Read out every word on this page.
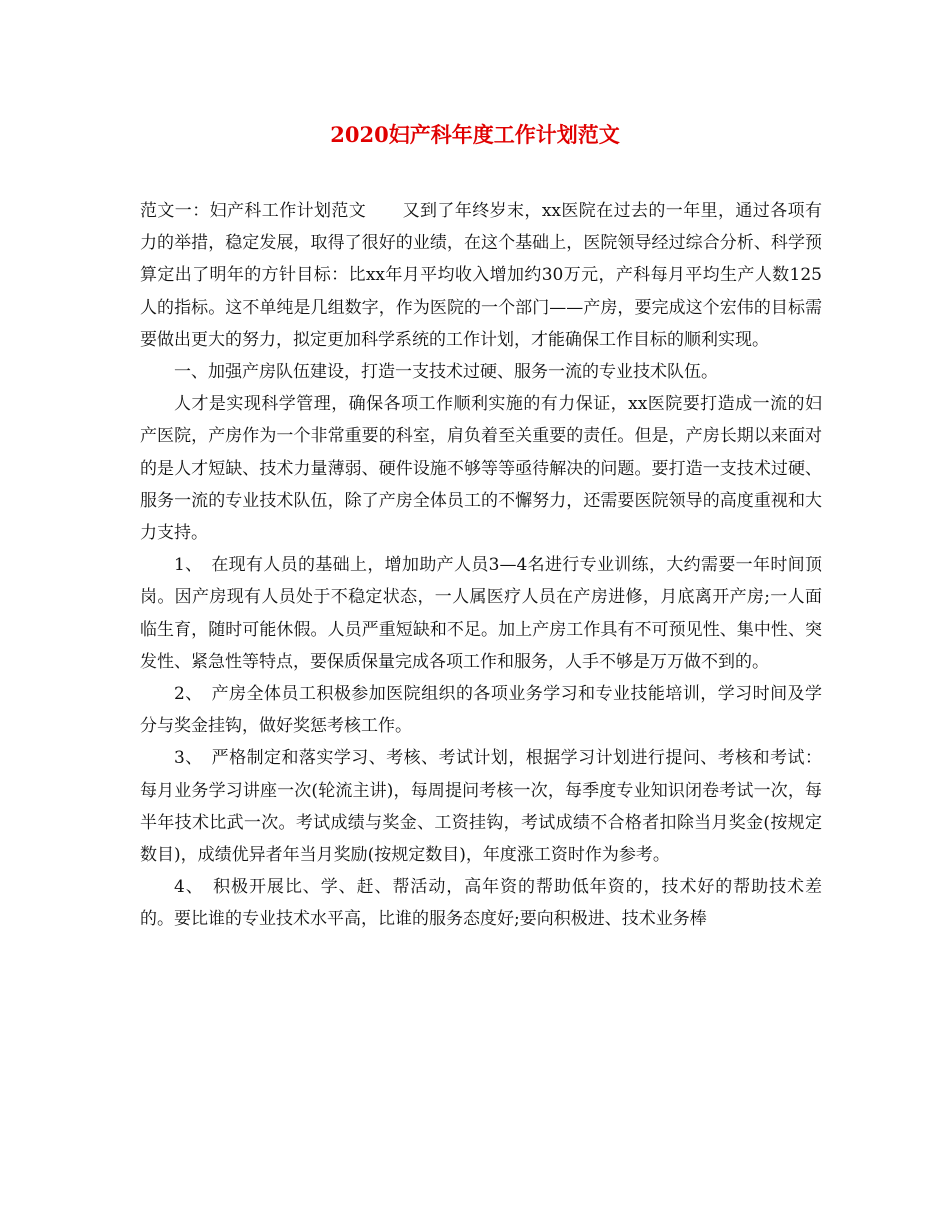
2020妇产科年度工作计划范文

范文一：妇产科工作计划范文 又到了年终岁末，xx医院在过去的一年里，通过各项有力的举措，稳定发展，取得了很好的业绩，在这个基础上，医院领导经过综合分析、科学预算定出了明年的方针目标：比xx年月平均收入增加约30万元，产科每月平均生产人数125人的指标。这不单纯是几组数字，作为医院的一个部门——产房，要完成这个宏伟的目标需要做出更大的努力，拟定更加科学系统的工作计划，才能确保工作目标的顺利实现。

一、加强产房队伍建设，打造一支技术过硬、服务一流的专业技术队伍。

人才是实现科学管理，确保各项工作顺利实施的有力保证，xx医院要打造成一流的妇产医院，产房作为一个非常重要的科室，肩负着至关重要的责任。但是，产房长期以来面对的是人才短缺、技术力量薄弱、硬件设施不够等等亟待解决的问题。要打造一支技术过硬、服务一流的专业技术队伍，除了产房全体员工的不懈努力，还需要医院领导的高度重视和大力支持。

1、　在现有人员的基础上，增加助产人员3—4名进行专业训练，大约需要一年时间顶岗。因产房现有人员处于不稳定状态，一人属医疗人员在产房进修，月底离开产房;一人面临生育，随时可能休假。人员严重短缺和不足。加上产房工作具有不可预见性、集中性、突发性、紧急性等特点，要保质保量完成各项工作和服务，人手不够是万万做不到的。

2、　产房全体员工积极参加医院组织的各项业务学习和专业技能培训，学习时间及学分与奖金挂钩，做好奖惩考核工作。

3、　严格制定和落实学习、考核、考试计划，根据学习计划进行提问、考核和考试：每月业务学习讲座一次(轮流主讲)，每周提问考核一次，每季度专业知识闭卷考试一次，每半年技术比武一次。考试成绩与奖金、工资挂钩，考试成绩不合格者扣除当月奖金(按规定数目)，成绩优异者年当月奖励(按规定数目)，年度涨工资时作为参考。

4、　积极开展比、学、赶、帮活动，高年资的帮助低年资的，技术好的帮助技术差的。要比谁的专业技术水平高，比谁的服务态度好;要向积极进、技术业务棒
